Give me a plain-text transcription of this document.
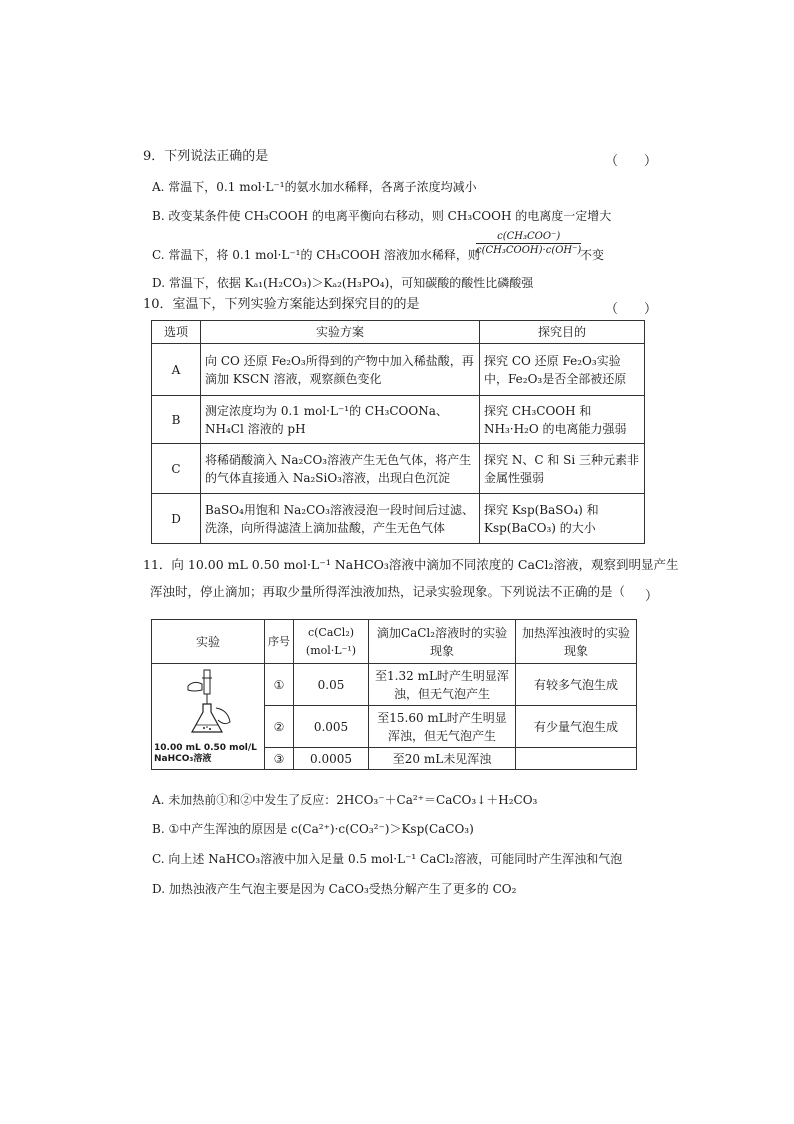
9．下列说法正确的是	（　　）
A. 常温下，0.1 mol·L⁻¹的氨水加水稀释，各离子浓度均减小
B. 改变某条件使 CH₃COOH 的电离平衡向右移动，则 CH₃COOH 的电离度一定增大
C. 常温下，将 0.1 mol·L⁻¹的 CH₃COOH 溶液加水稀释，则
c(CH₃COO⁻)
c(CH₃COOH)·c(OH⁻)
不变
D. 常温下，依据 Kₐ₁(H₂CO₃)＞Kₐ₂(H₃PO₄)，可知碳酸的酸性比磷酸强
10．室温下，下列实验方案能达到探究目的的是	（　　）
选项	实验方案	探究目的
A	向 CO 还原 Fe₂O₃所得到的产物中加入稀盐酸，再滴加 KSCN 溶液，观察颜色变化	探究 CO 还原 Fe₂O₃实验中，Fe₂O₃是否全部被还原
B	测定浓度均为 0.1 mol·L⁻¹的 CH₃COONa、NH₄Cl 溶液的 pH	探究 CH₃COOH 和 NH₃·H₂O 的电离能力强弱
C	将稀硝酸滴入 Na₂CO₃溶液产生无色气体，将产生的气体直接通入 Na₂SiO₃溶液，出现白色沉淀	探究 N、C 和 Si 三种元素非金属性强弱
D	BaSO₄用饱和 Na₂CO₃溶液浸泡一段时间后过滤、洗涤，向所得滤渣上滴加盐酸，产生无色气体	探究 Ksp(BaSO₄) 和 Ksp(BaCO₃) 的大小
11．向 10.00 mL 0.50 mol·L⁻¹ NaHCO₃溶液中滴加不同浓度的 CaCl₂溶液，观察到明显产生
浑浊时，停止滴加；再取少量所得浑浊液加热，记录实验现象。下列说法不正确的是（ ）
实验	序号	c(CaCl₂)(mol·L⁻¹)	滴加CaCl₂溶液时的实验现象	加热浑浊液时的实验现象

10.00 mL 0.50 mol/L NaHCO₃溶液	①	0.05	至1.32 mL时产生明显浑浊，但无气泡产生	有较多气泡生成
	②	0.005	至15.60 mL时产生明显浑浊，但无气泡产生	有少量气泡生成
	③	0.0005	至20 mL未见浑浊	
A. 未加热前①和②中发生了反应：2HCO₃⁻＋Ca²⁺＝CaCO₃↓＋H₂CO₃
B. ①中产生浑浊的原因是 c(Ca²⁺)·c(CO₃²⁻)＞Ksp(CaCO₃)
C. 向上述 NaHCO₃溶液中加入足量 0.5 mol·L⁻¹ CaCl₂溶液，可能同时产生浑浊和气泡
D. 加热浊液产生气泡主要是因为 CaCO₃受热分解产生了更多的 CO₂
